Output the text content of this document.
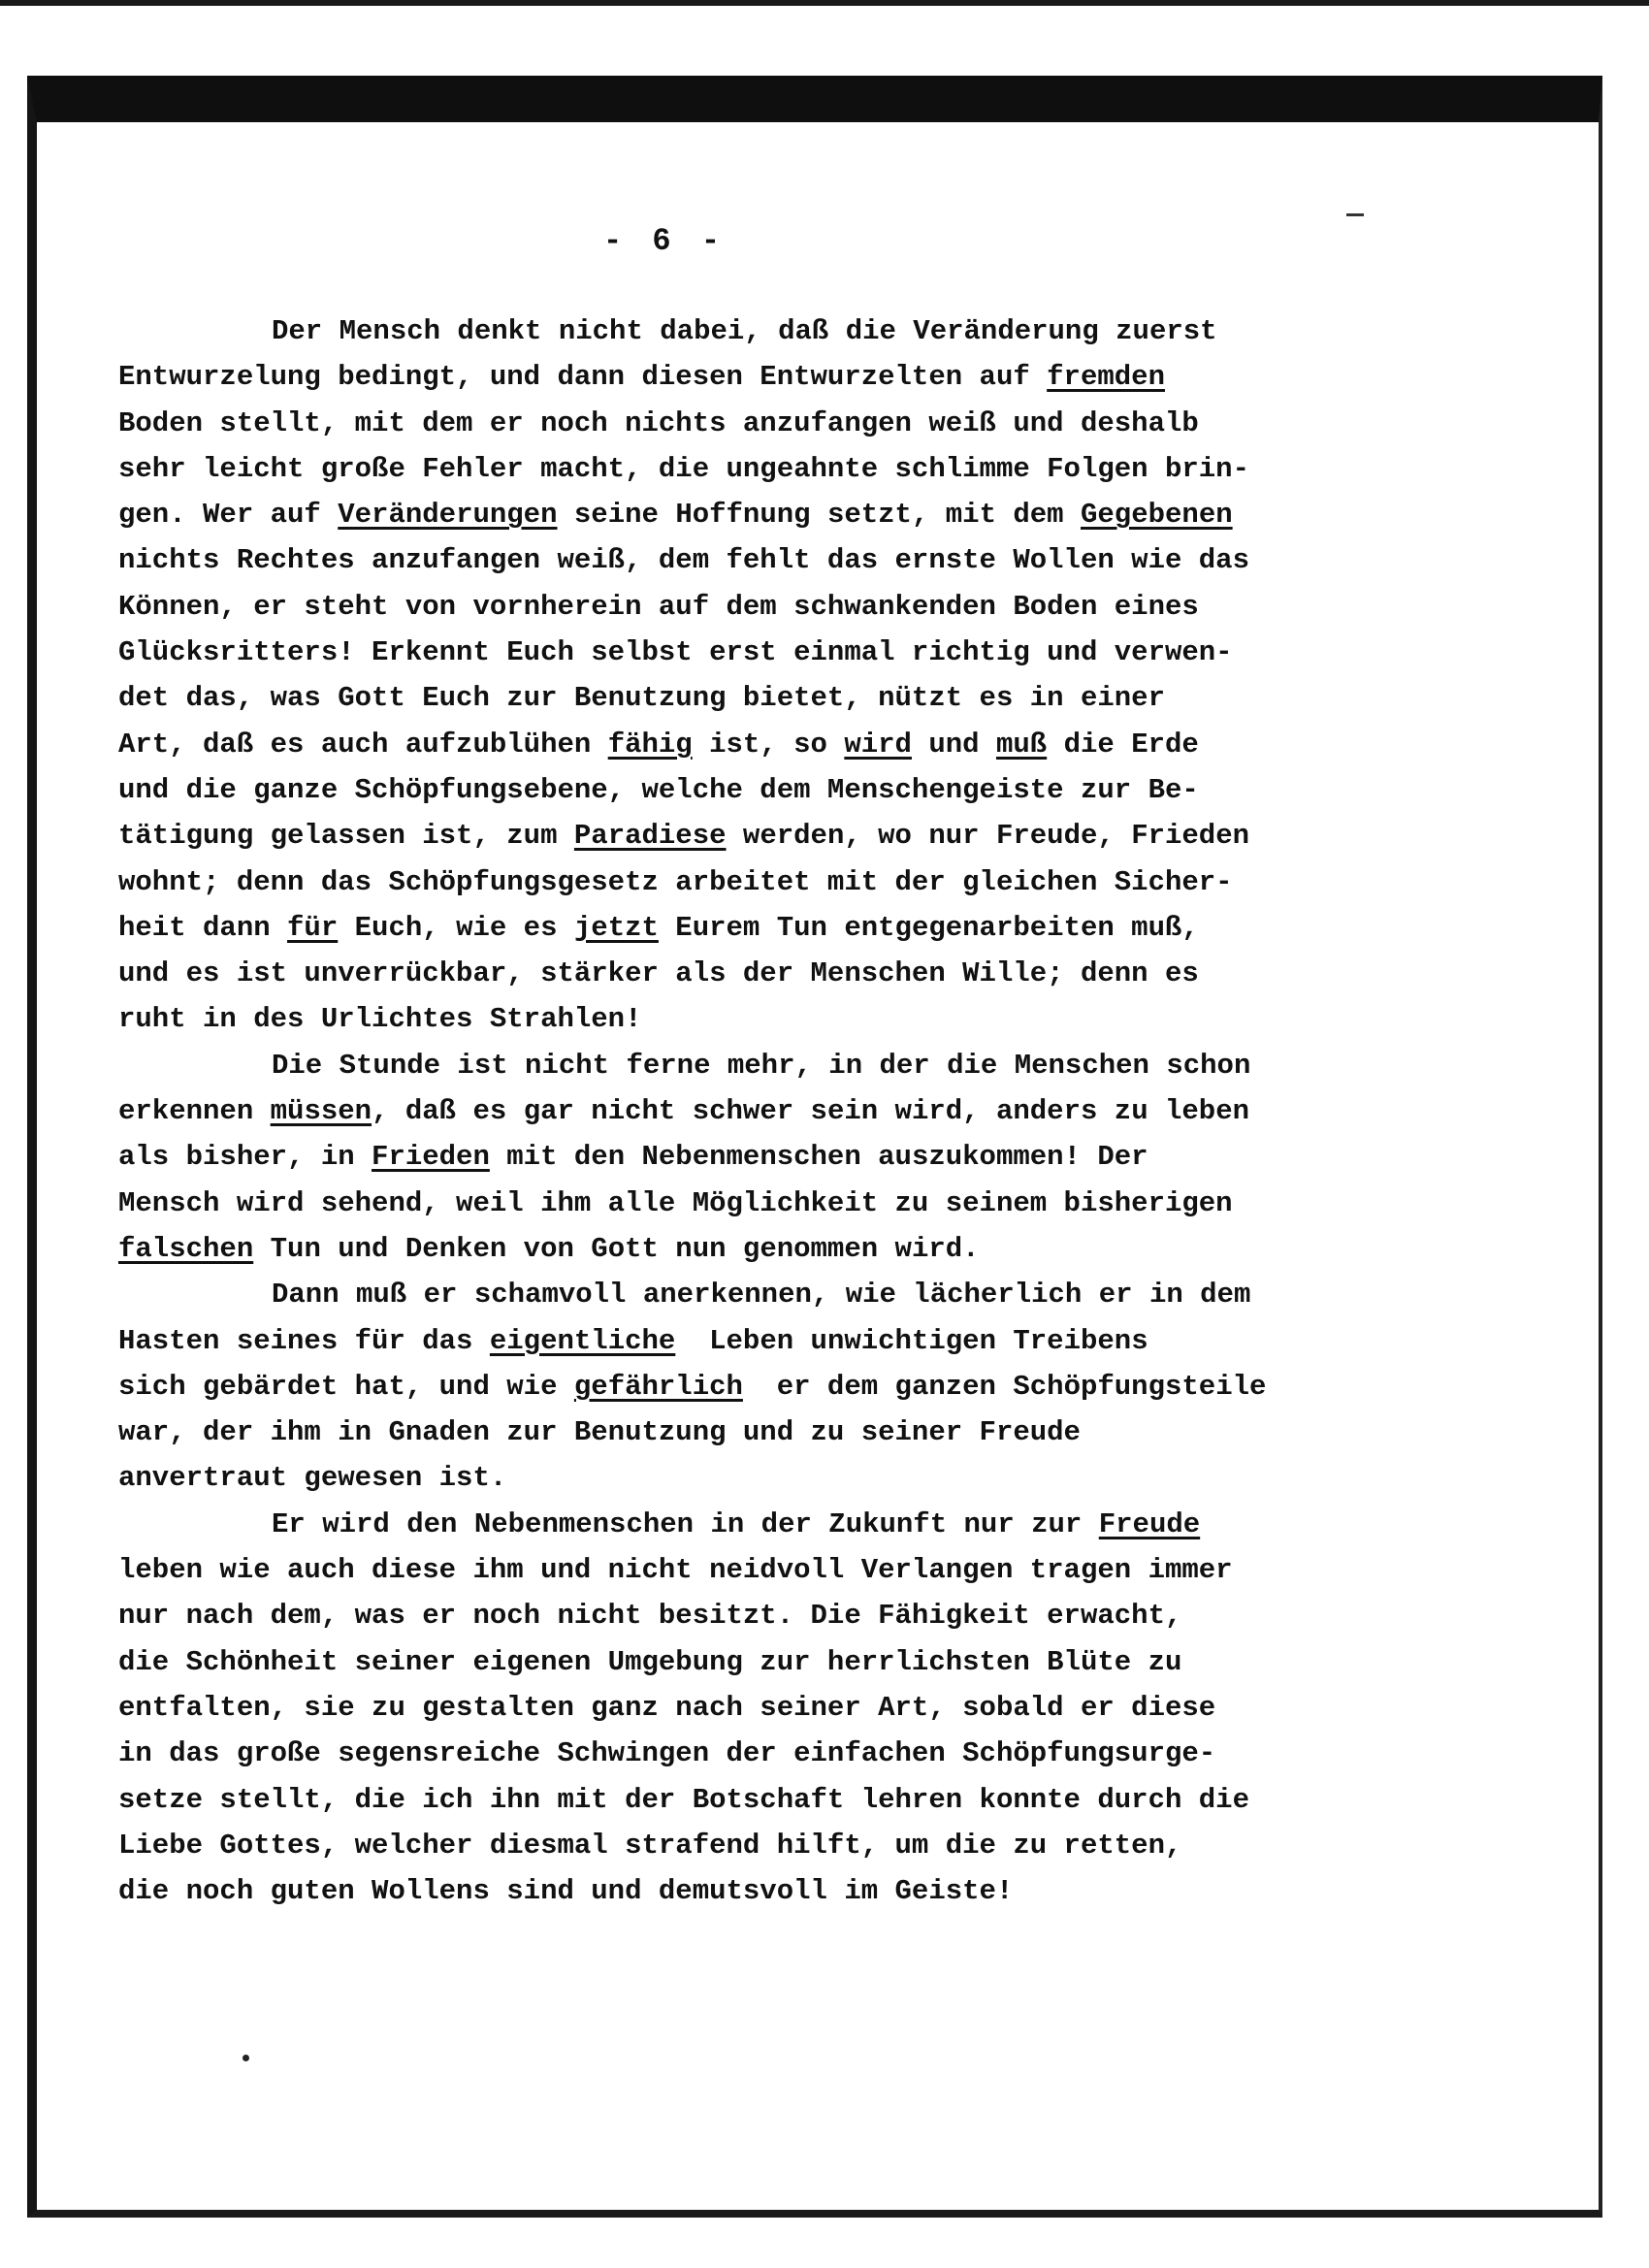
- 6 -
Der Mensch denkt nicht dabei, daß die Veränderung zuerst
Entwurzelung bedingt, und dann diesen Entwurzelten auf fremden
Boden stellt, mit dem er noch nichts anzufangen weiß und deshalb
sehr leicht große Fehler macht, die ungeahnte schlimme Folgen brin-
gen. Wer auf Veränderungen seine Hoffnung setzt, mit dem Gegebenen
nichts Rechtes anzufangen weiß, dem fehlt das ernste Wollen wie das
Können, er steht von vornherein auf dem schwankenden Boden eines
Glücksritters! Erkennt Euch selbst erst einmal richtig und verwen-
det das, was Gott Euch zur Benutzung bietet, nützt es in einer
Art, daß es auch aufzublühen fähig ist, so wird und muß die Erde
und die ganze Schöpfungsebene, welche dem Menschengeiste zur Be-
tätigung gelassen ist, zum Paradiese werden, wo nur Freude, Frieden
wohnt; denn das Schöpfungsgesetz arbeitet mit der gleichen Sicher-
heit dann für Euch, wie es jetzt Eurem Tun entgegenarbeiten muß,
und es ist unverrückbar, stärker als der Menschen Wille; denn es
ruht in des Urlichtes Strahlen!
Die Stunde ist nicht ferne mehr, in der die Menschen schon
erkennen müssen, daß es gar nicht schwer sein wird, anders zu leben
als bisher, in Frieden mit den Nebenmenschen auszukommen! Der
Mensch wird sehend, weil ihm alle Möglichkeit zu seinem bisherigen
falschen Tun und Denken von Gott nun genommen wird.
Dann muß er schamvoll anerkennen, wie lächerlich er in dem
Hasten seines für das eigentliche  Leben unwichtigen Treibens
sich gebärdet hat, und wie gefährlich  er dem ganzen Schöpfungsteile
war, der ihm in Gnaden zur Benutzung und zu seiner Freude
anvertraut gewesen ist.
Er wird den Nebenmenschen in der Zukunft nur zur Freude
leben wie auch diese ihm und nicht neidvoll Verlangen tragen immer
nur nach dem, was er noch nicht besitzt. Die Fähigkeit erwacht,
die Schönheit seiner eigenen Umgebung zur herrlichsten Blüte zu
entfalten, sie zu gestalten ganz nach seiner Art, sobald er diese
in das große segensreiche Schwingen der einfachen Schöpfungsurge-
setze stellt, die ich ihn mit der Botschaft lehren konnte durch die
Liebe Gottes, welcher diesmal strafend hilft, um die zu retten,
die noch guten Wollens sind und demutsvoll im Geiste!
